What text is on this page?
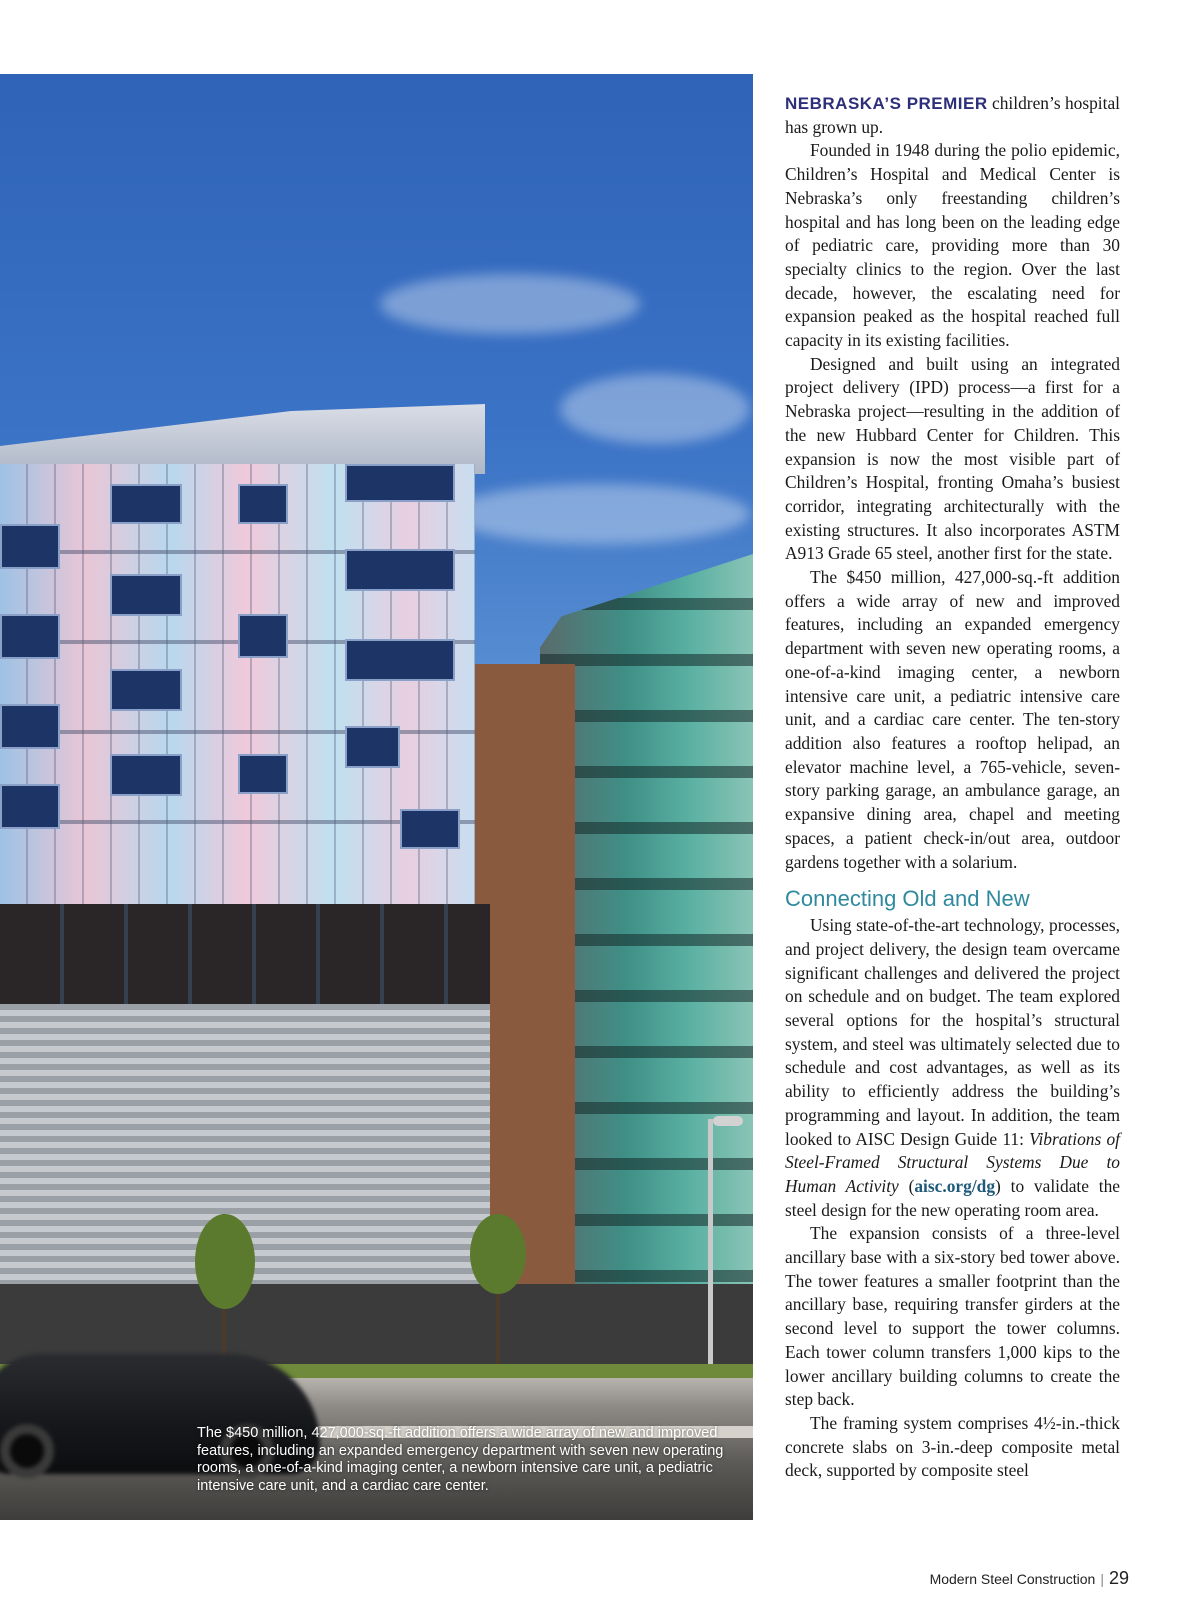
The $450 million, 427,000-sq.-ft addition offers a wide array of new and improved features, including an expanded emergency department with seven new operating rooms, a one-of-a-kind imaging center, a newborn intensive care unit, a pediatric intensive care unit, and a cardiac care center.

NEBRASKA’S PREMIER children’s hospital has grown up.

Founded in 1948 during the polio epidemic, Children’s Hospital and Medical Center is Nebraska’s only freestanding children’s hospital and has long been on the leading edge of pediatric care, providing more than 30 specialty clinics to the region. Over the last decade, however, the escalating need for expansion peaked as the hospital reached full capacity in its existing facilities.

Designed and built using an integrated project delivery (IPD) process—a first for a Nebraska project—resulting in the addition of the new Hubbard Center for Children. This expansion is now the most visible part of Children’s Hospital, fronting Omaha’s busiest corridor, integrating architecturally with the existing structures. It also incorporates ASTM A913 Grade 65 steel, another first for the state.

The $450 million, 427,000-sq.-ft addition offers a wide array of new and improved features, including an expanded emergency department with seven new operating rooms, a one-of-a-kind imaging center, a newborn intensive care unit, a pediatric intensive care unit, and a cardiac care center. The ten-story addition also features a rooftop helipad, an elevator machine level, a 765-vehicle, seven-story parking garage, an ambulance garage, an expansive dining area, chapel and meeting spaces, a patient check-in/out area, outdoor gardens together with a solarium.

Connecting Old and New

Using state-of-the-art technology, processes, and project delivery, the design team overcame significant challenges and delivered the project on schedule and on budget. The team explored several options for the hospital’s structural system, and steel was ultimately selected due to schedule and cost advantages, as well as its ability to efficiently address the building’s programming and layout. In addition, the team looked to AISC Design Guide 11: Vibrations of Steel-Framed Structural Systems Due to Human Activity (aisc.org/dg) to validate the steel design for the new operating room area.

The expansion consists of a three-level ancillary base with a six-story bed tower above. The tower features a smaller footprint than the ancillary base, requiring transfer girders at the second level to support the tower columns. Each tower column transfers 1,000 kips to the lower ancillary building columns to create the step back.

The framing system comprises 4½-in.-thick concrete slabs on 3-in.-deep composite metal deck, supported by composite steel

Modern Steel Construction | 29
